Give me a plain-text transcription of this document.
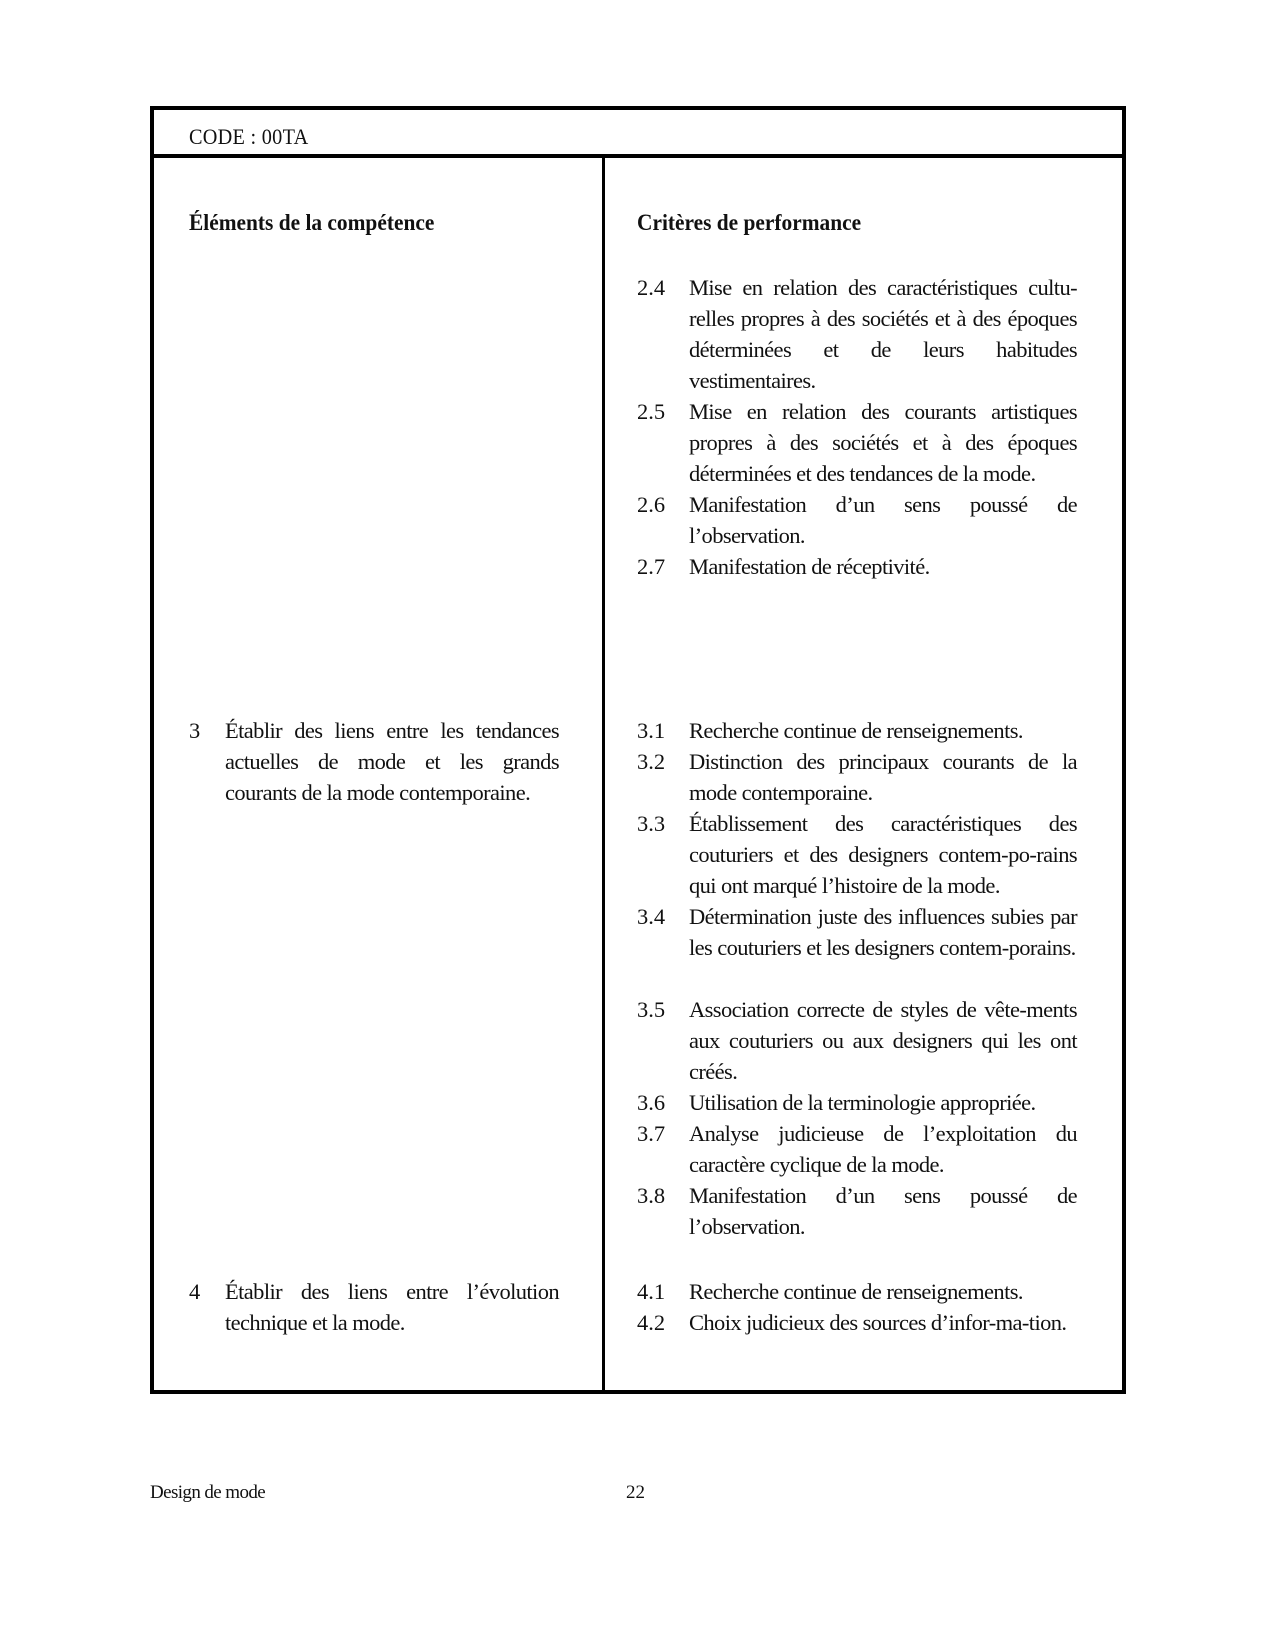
CODE : 00TA
Éléments de la compétence
3 Établir des liens entre les tendances actuelles de mode et les grands courants de la mode contemporaine.
4 Établir des liens entre l’évolution technique et la mode.
Critères de performance
2.4 Mise en relation des caractéristiques cultu-relles propres à des sociétés et à des époques déterminées et de leurs habitudes vestimentaires.
2.5 Mise en relation des courants artistiques propres à des sociétés et à des époques déterminées et des tendances de la mode.
2.6 Manifestation d’un sens poussé de l’observation.
2.7 Manifestation de réceptivité.
3.1 Recherche continue de renseignements.
3.2 Distinction des principaux courants de la mode contemporaine.
3.3 Établissement des caractéristiques des couturiers et des designers contem-po-rains qui ont marqué l’histoire de la mode.
3.4 Détermination juste des influences subies par les couturiers et les designers contem-porains.
3.5 Association correcte de styles de vête-ments aux couturiers ou aux designers qui les ont créés.
3.6 Utilisation de la terminologie appropriée.
3.7 Analyse judicieuse de l’exploitation du caractère cyclique de la mode.
3.8 Manifestation d’un sens poussé de l’observation.
4.1 Recherche continue de renseignements.
4.2 Choix judicieux des sources d’infor-ma-tion.
Design de mode	22
